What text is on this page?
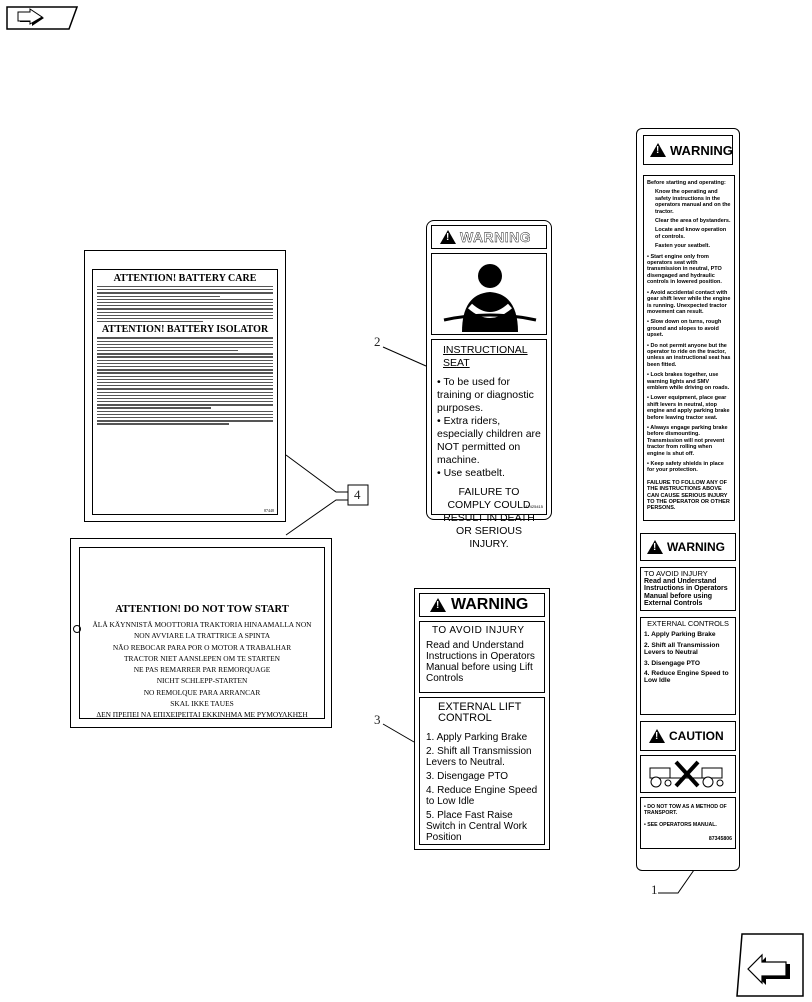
2
3
1
4
ATTENTION! BATTERY CARE
ATTENTION! BATTERY ISOLATOR
87448
ATTENTION! DO NOT TOW START
ÄLÄ KÄYNNISTÄ MOOTTORIA TRAKTORIA HINAAMALLA NON
NON AVVIARE LA TRATTRICE A SPINTA
NÃO REBOCAR PARA POR O MOTOR A TRABALHAR
TRACTOR NIET AANSLEPEN OM TE STARTEN
NE PAS REMARRER PAR REMORQUAGE
NICHT SCHLEPP-STARTEN
NO REMOLQUE PARA ARRANCAR
SKAL IKKE TAUES
ΔΕΝ ΠΡΕΠΕΙ ΝΑ ΕΠΙΧΕΙΡΕΙΤΑΙ ΕΚΚΙΝΗΜΑ ΜΕ ΡΥΜΟΥΛΚΗΣΗ
!
WARNING
INSTRUCTIONAL SEAT
• To be used for training or diagnostic purposes.
• Extra riders, especially children are NOT permitted on machine.
• Use seatbelt.
FAILURE TO COMPLY COULD RESULT IN DEATH OR SERIOUS INJURY.
47425415
!
WARNING
TO AVOID INJURY
Read and Understand Instructions in Operators Manual before using Lift Controls
EXTERNAL LIFT CONTROL
1. Apply Parking Brake
2. Shift all Transmission Levers to Neutral.
3. Disengage PTO
4. Reduce Engine Speed to Low Idle
5. Place Fast Raise Switch in Central Work Position
!
WARNING
Before starting and operating:
Know the operating and safety instructions in the operators manual and on the tractor.
Clear the area of bystanders.
Locate and know operation of controls.
Fasten your seatbelt.
• Start engine only from operators seat with transmission in neutral, PTO disengaged and hydraulic controls in lowered position.
• Avoid accidental contact with gear shift lever while the engine is running. Unexpected tractor movement can result.
• Slow down on turns, rough ground and slopes to avoid upset.
• Do not permit anyone but the operator to ride on the tractor, unless an instructional seat has been fitted.
• Lock brakes together, use warning lights and SMV emblem while driving on roads.
• Lower equipment, place gear shift levers in neutral, stop engine and apply parking brake before leaving tractor seat.
• Always engage parking brake before dismounting. Transmission will not prevent tractor from rolling when engine is shut off.
• Keep safety shields in place for your protection.
FAILURE TO FOLLOW ANY OF THE INSTRUCTIONS ABOVE CAN CAUSE SERIOUS INJURY TO THE OPERATOR OR OTHER PERSONS.
!
WARNING
TO AVOID INJURY
Read and Understand Instructions in Operators Manual before using External Controls
EXTERNAL CONTROLS
1. Apply Parking Brake
2. Shift all Transmission Levers to Neutral
3. Disengage PTO
4. Reduce Engine Speed to Low Idle
!
CAUTION
• DO NOT TOW AS A METHOD OF TRANSPORT.
• SEE OPERATORS MANUAL.
87345806
